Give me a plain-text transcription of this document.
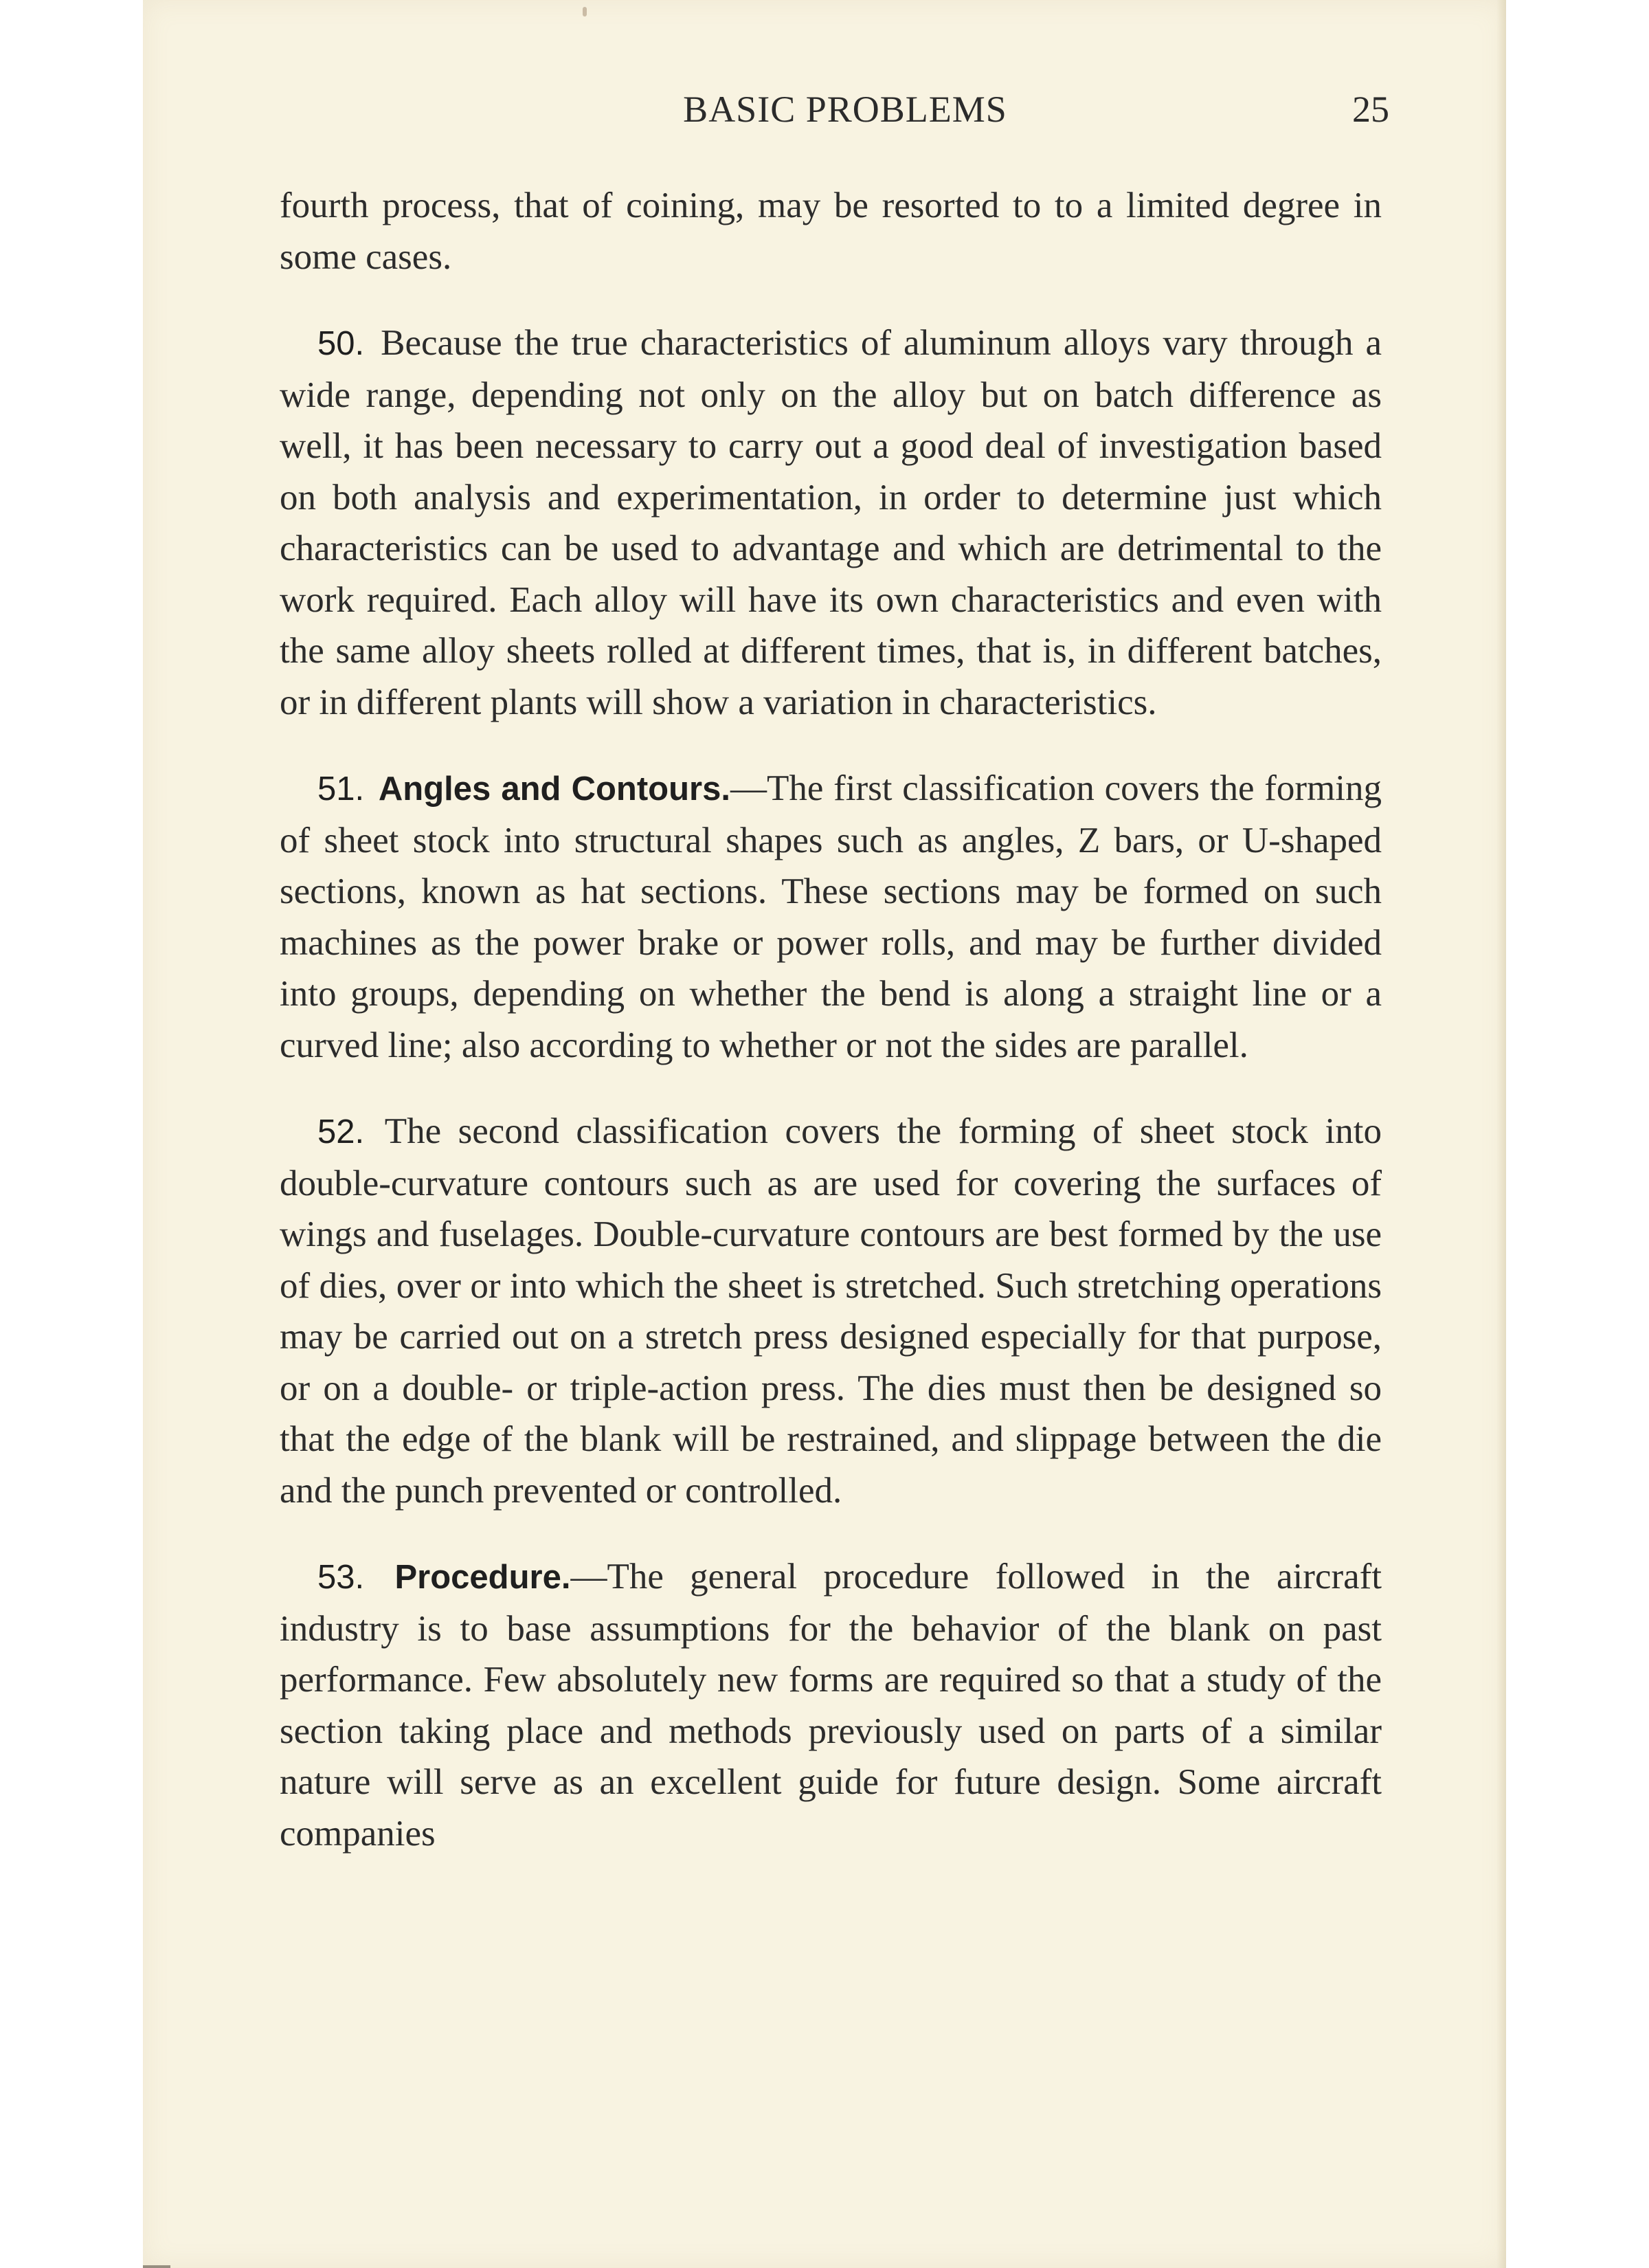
BASIC PROBLEMS	25

fourth process, that of coining, may be resorted to to a limited degree in some cases.

50. Because the true characteristics of aluminum alloys vary through a wide range, depending not only on the alloy but on batch difference as well, it has been necessary to carry out a good deal of investigation based on both analysis and experimentation, in order to determine just which characteristics can be used to advantage and which are detrimental to the work required. Each alloy will have its own characteristics and even with the same alloy sheets rolled at different times, that is, in different batches, or in different plants will show a variation in characteristics.

51. Angles and Contours.—The first classification covers the forming of sheet stock into structural shapes such as angles, Z bars, or U-shaped sections, known as hat sections. These sections may be formed on such machines as the power brake or power rolls, and may be further divided into groups, depending on whether the bend is along a straight line or a curved line; also according to whether or not the sides are parallel.

52. The second classification covers the forming of sheet stock into double-curvature contours such as are used for covering the surfaces of wings and fuselages. Double-curvature contours are best formed by the use of dies, over or into which the sheet is stretched. Such stretching operations may be carried out on a stretch press designed especially for that purpose, or on a double- or triple-action press. The dies must then be designed so that the edge of the blank will be restrained, and slippage between the die and the punch prevented or controlled.

53. Procedure.—The general procedure followed in the aircraft industry is to base assumptions for the behavior of the blank on past performance. Few absolutely new forms are required so that a study of the section taking place and methods previously used on parts of a similar nature will serve as an excellent guide for future design. Some aircraft companies
